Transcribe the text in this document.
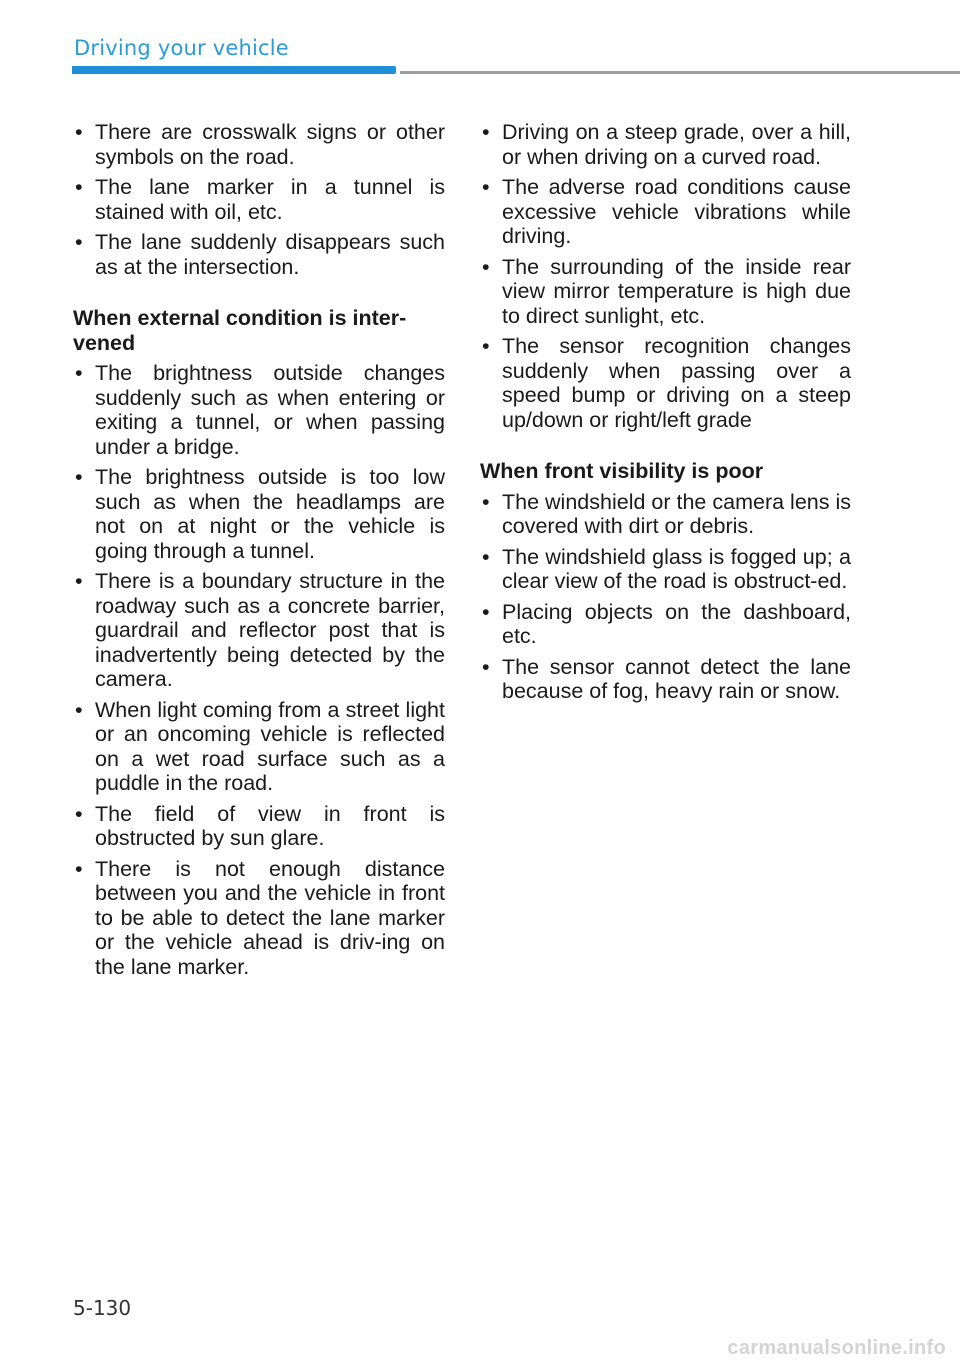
Driving your vehicle
• There are crosswalk signs or other symbols on the road.
• The lane marker in a tunnel is stained with oil, etc.
• The lane suddenly disappears such as at the intersection.
When external condition is inter-vened
• The brightness outside changes suddenly such as when entering or exiting a tunnel, or when passing under a bridge.
• The brightness outside is too low such as when the headlamps are not on at night or the vehicle is going through a tunnel.
• There is a boundary structure in the roadway such as a concrete barrier, guardrail and reflector post that is inadvertently being detected by the camera.
• When light coming from a street light or an oncoming vehicle is reflected on a wet road surface such as a puddle in the road.
• The field of view in front is obstructed by sun glare.
• There is not enough distance between you and the vehicle in front to be able to detect the lane marker or the vehicle ahead is driv-ing on the lane marker.
• Driving on a steep grade, over a hill, or when driving on a curved road.
• The adverse road conditions cause excessive vehicle vibrations while driving.
• The surrounding of the inside rear view mirror temperature is high due to direct sunlight, etc.
• The sensor recognition changes suddenly when passing over a speed bump or driving on a steep up/down or right/left grade
When front visibility is poor
• The windshield or the camera lens is covered with dirt or debris.
• The windshield glass is fogged up; a clear view of the road is obstruct-ed.
• Placing objects on the dashboard, etc.
• The sensor cannot detect the lane because of fog, heavy rain or snow.
5-130
carmanualsonline.info
